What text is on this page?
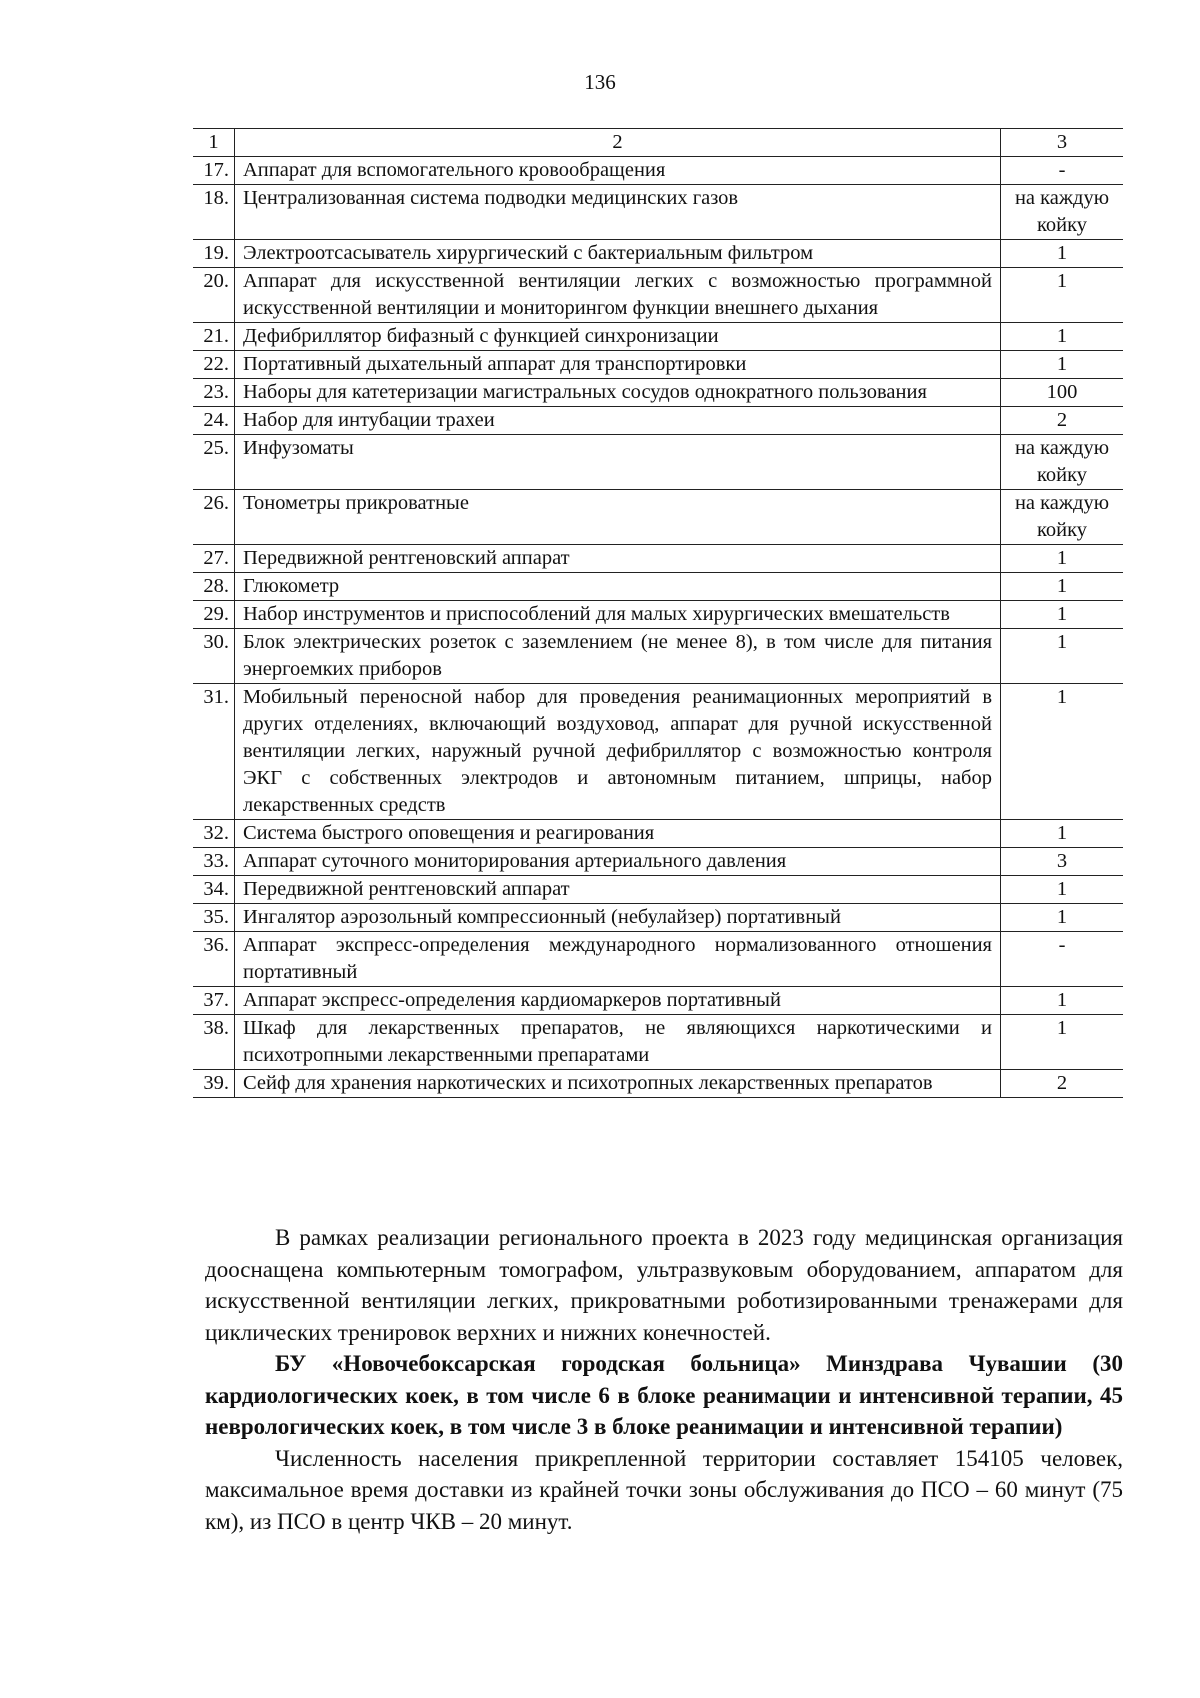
136
1	2	3
17.	Аппарат для вспомогательного кровообращения	-
18.	Централизованная система подводки медицинских газов	на каждую койку
19.	Электроотсасыватель хирургический с бактериальным фильтром	1
20.	Аппарат для искусственной вентиляции легких с возможностью программной искусственной вентиляции и мониторингом функции внешнего дыхания	1
21.	Дефибриллятор бифазный с функцией синхронизации	1
22.	Портативный дыхательный аппарат для транспортировки	1
23.	Наборы для катетеризации магистральных сосудов однократного пользования	100
24.	Набор для интубации трахеи	2
25.	Инфузоматы	на каждую койку
26.	Тонометры прикроватные	на каждую койку
27.	Передвижной рентгеновский аппарат	1
28.	Глюкометр	1
29.	Набор инструментов и приспособлений для малых хирургических вмешательств	1
30.	Блок электрических розеток с заземлением (не менее 8), в том числе для питания энергоемких приборов	1
31.	Мобильный переносной набор для проведения реанимационных мероприятий в других отделениях, включающий воздуховод, аппарат для ручной искусственной вентиляции легких, наружный ручной дефибриллятор с возможностью контроля ЭКГ с собственных электродов и автономным питанием, шприцы, набор лекарственных средств	1
32.	Система быстрого оповещения и реагирования	1
33.	Аппарат суточного мониторирования артериального давления	3
34.	Передвижной рентгеновский аппарат	1
35.	Ингалятор аэрозольный компрессионный (небулайзер) портативный	1
36.	Аппарат экспресс-определения международного нормализованного отношения портативный	-
37.	Аппарат экспресс-определения кардиомаркеров портативный	1
38.	Шкаф для лекарственных препаратов, не являющихся наркотическими и психотропными лекарственными препаратами	1
39.	Сейф для хранения наркотических и психотропных лекарственных препаратов	2

В рамках реализации регионального проекта в 2023 году медицинская организация дооснащена компьютерным томографом, ультразвуковым оборудованием, аппаратом для искусственной вентиляции легких, прикроватными роботизированными тренажерами для циклических тренировок верхних и нижних конечностей.

БУ «Новочебоксарская городская больница» Минздрава Чувашии (30 кардиологических коек, в том числе 6 в блоке реанимации и интенсивной терапии, 45 неврологических коек, в том числе 3 в блоке реанимации и интенсивной терапии)

Численность населения прикрепленной территории составляет 154105 человек, максимальное время доставки из крайней точки зоны обслуживания до ПСО – 60 минут (75 км), из ПСО в центр ЧКВ – 20 минут.
